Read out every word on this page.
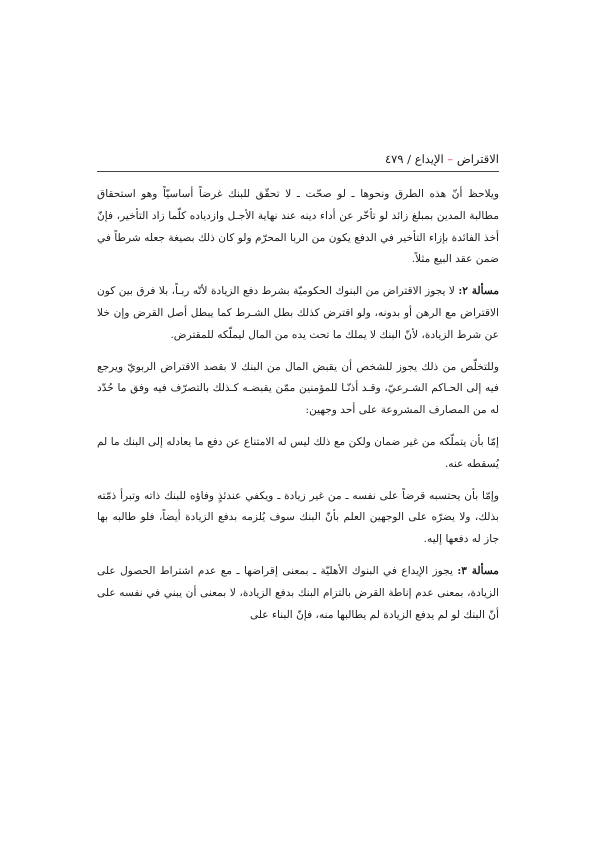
الاقتراض – الإيداع / ٤٧٩

ويلاحظ أنّ هذه الطرق ونحوها ـ لو صحّت ـ لا تحقّق للبنك غرضاً أساسيّاً وهو استحقاق مطالبة المدين بمبلغ زائد لو تأخّر عن أداء دينه عند نهاية الأجـل وازدياده كلّما زاد التأخير، فإنّ أخذ الفائدة بإزاء التأخير في الدفع يكون من الربا المحرّم ولو كان ذلك بصيغة جعله شرطاً في ضمن عقد البيع مثلاً.

مسألة ٢: لا يجوز الاقتراض من البنوك الحكوميّة بشرط دفع الزيادة لأنّه ربـاً، بلا فرق بين كون الاقتراض مع الرهن أو بدونه، ولو اقترض كذلك بطل الشـرط كما يبطل أصل القرض وإن خلا عن شرط الزيادة، لأنّ البنك لا يملك ما تحت يده من المال ليملّكه للمقترض.

وللتخلّص من ذلك يجوز للشخص أن يقبض المال من البنك لا بقصد الاقتراض الربويّ ويرجع فيه إلى الحـاكم الشـرعيّ، وقـد أذنّـا للمؤمنين ممّن يقبضـه كـذلك بالتصرّف فيه وفق ما حُدّد له من المصارف المشروعة على أحد وجهين:

إمّا بأن يتملّكه من غير ضمان ولكن مع ذلك ليس له الامتناع عن دفع ما يعادله إلى البنك ما لم يُسقطه عنه.

وإمّا بأن يحتسبه قرضاً على نفسه ـ من غير زيادة ـ ويكفي عندئذٍ وفاؤه للبنك ذاته وتبرأ ذمّته بذلك، ولا يضرّه على الوجهين العلم بأنّ البنك سوف يُلزمه بدفع الزيادة أيضاً، فلو طالبه بها جاز له دفعها إليه.

مسألة ٣: يجوز الإيداع في البنوك الأهليّة ـ بمعنى إقراضها ـ مع عدم اشتراط الحصول على الزيادة، بمعنى عدم إناطة القرض بالتزام البنك بدفع الزيادة، لا بمعنى أن يبني في نفسه على أنّ البنك لو لم يدفع الزيادة لم يطالبها منه، فإنّ البناء على
